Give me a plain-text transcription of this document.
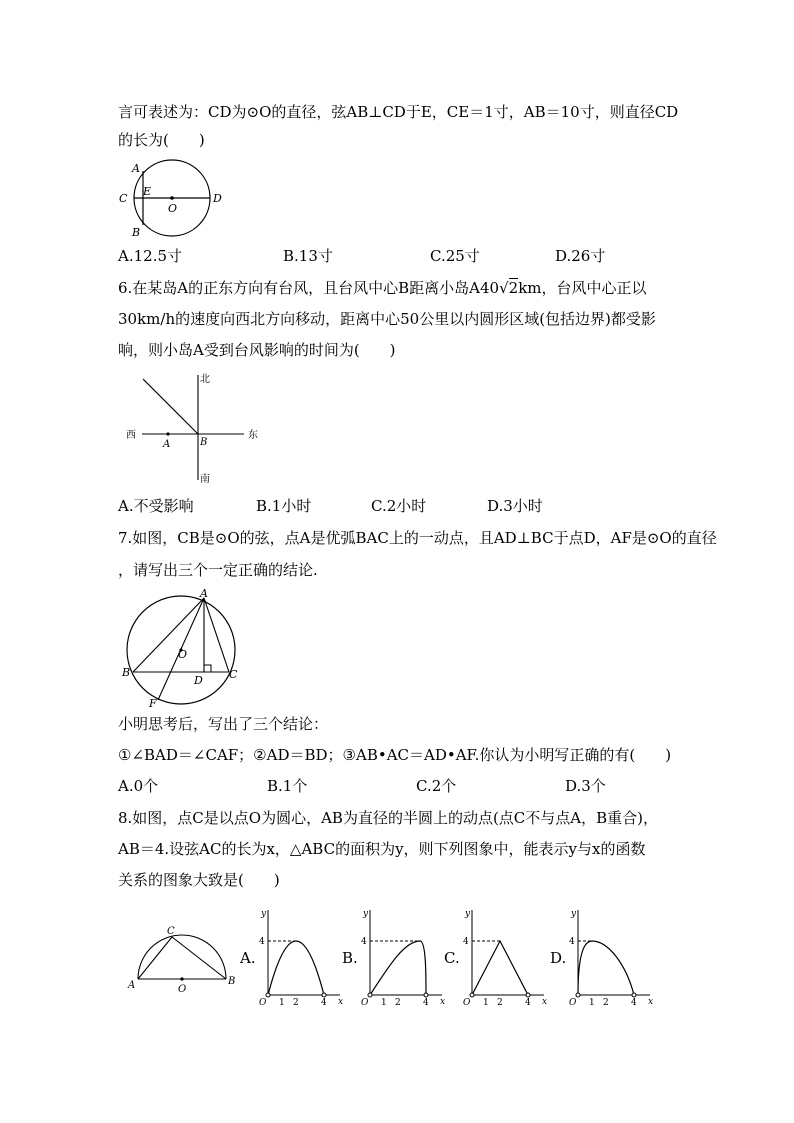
言可表述为：CD为⊙O的直径，弦AB⊥CD于E，CE＝1寸，AB＝10寸，则直径CD
的长为(　　)
A
C
E
O
D
B
A.12.5寸	B.13寸	C.25寸	D.26寸
6.在某岛A的正东方向有台风，且台风中心B距离小岛A40√2km，台风中心正以
30km/h的速度向西北方向移动，距离中心50公里以内圆形区域(包括边界)都受影
响，则小岛A受到台风影响的时间为(　　)
北
西	东
南
A	B
A.不受影响	B.1小时	C.2小时	D.3小时
7.如图，CB是⊙O的弦，点A是优弧BAC上的一动点，且AD⊥BC于点D，AF是⊙O的直径
，请写出三个一定正确的结论.
A
B	C
D
F
O
小明思考后，写出了三个结论：
①∠BAD＝∠CAF；②AD＝BD；③AB•AC＝AD•AF.你认为小明写正确的有(　　)
A.0个	B.1个	C.2个	D.3个
8.如图，点C是以点O为圆心，AB为直径的半圆上的动点(点C不与点A，B重合)，
AB＝4.设弦AC的长为x，△ABC的面积为y，则下列图象中，能表示y与x的函数
关系的图象大致是(　　)
C
A	B
O
A.
y
4
O 1 2 4 x
B.
y
4
O 1 2 4 x
C.
y
4
O 1 2 4 x
D.
y
4
O 1 2 4 x
